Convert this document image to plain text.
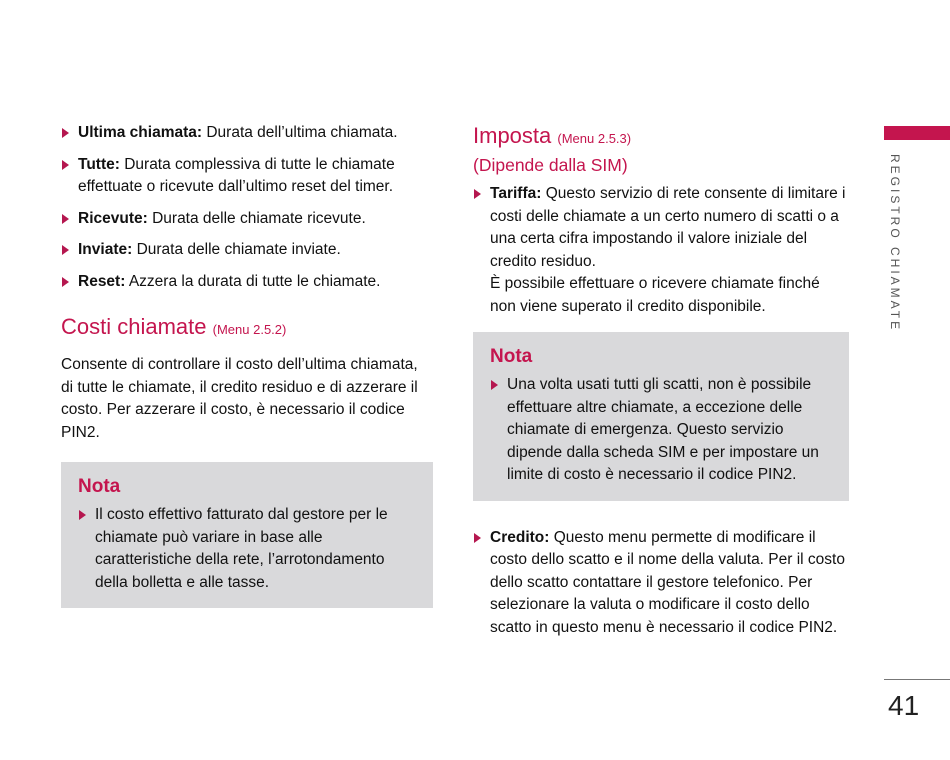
Ultima chiamata: Durata dell’ultima chiamata.
Tutte: Durata complessiva di tutte le chiamate effettuate o ricevute dall’ultimo reset del timer.
Ricevute: Durata delle chiamate ricevute.
Inviate: Durata delle chiamate inviate.
Reset: Azzera la durata di tutte le chiamate.
Costi chiamate (Menu 2.5.2)
Consente di controllare il costo dell’ultima chiamata, di tutte le chiamate, il credito residuo e di azzerare il costo. Per azzerare il costo, è necessario il codice PIN2.
Nota
Il costo effettivo fatturato dal gestore per le chiamate può variare in base alle caratteristiche della rete, l’arrotondamento della bolletta e alle tasse.
Imposta (Menu 2.5.3)
(Dipende dalla SIM)
Tariffa: Questo servizio di rete consente di limitare i costi delle chiamate a un certo numero di scatti o a una certa cifra impostando il valore iniziale del credito residuo.
È possibile effettuare o ricevere chiamate finché non viene superato il credito disponibile.
Nota
Una volta usati tutti gli scatti, non è possibile effettuare altre chiamate, a eccezione delle chiamate di emergenza. Questo servizio dipende dalla scheda SIM e per impostare un limite di costo è necessario il codice PIN2.
Credito: Questo menu permette di modificare il costo dello scatto e il nome della valuta. Per il costo dello scatto contattare il gestore telefonico. Per selezionare la valuta o modificare il costo dello scatto in questo menu è necessario il codice PIN2.
REGISTRO CHIAMATE
41
